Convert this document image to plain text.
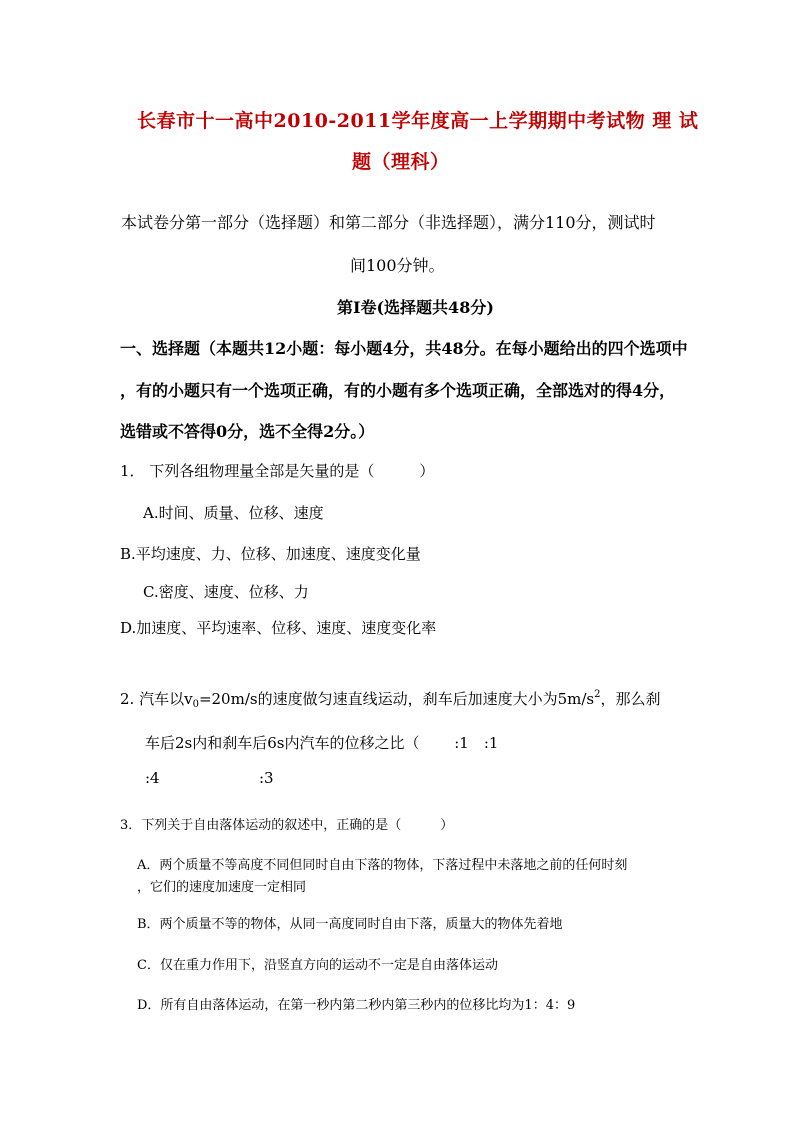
长春市十一高中2010-2011学年度高一上学期期中考试物 理 试
题（理科）
本试卷分第一部分（选择题）和第二部分（非选择题），满分110分，测试时
间100分钟。
第Ⅰ卷(选择题共48分)
一、选择题（本题共12小题：每小题4分，共48分。在每小题给出的四个选项中
，有的小题只有一个选项正确，有的小题有多个选项正确，全部选对的得4分，
选错或不答得0分，选不全得2分。）
1． 下列各组物理量全部是矢量的是（　　　）
A.时间、质量、位移、速度
B.平均速度、力、位移、加速度、速度变化量
C.密度、速度、位移、力
D.加速度、平均速率、位移、速度、速度变化率
2. 汽车以$v_0=20m/s$的速度做匀速直线运动，刹车后加速度大小为$5m/s^2$，那么刹
车后2s内和刹车后6s内汽车的位移之比（　　 :1　:1
:4	:3
3．下列关于自由落体运动的叙述中，正确的是（　　　）
A．两个质量不等高度不同但同时自由下落的物体，下落过程中未落地之前的任何时刻
，它们的速度加速度一定相同
B．两个质量不等的物体，从同一高度同时自由下落，质量大的物体先着地
C．仅在重力作用下，沿竖直方向的运动不一定是自由落体运动
D．所有自由落体运动，在第一秒内第二秒内第三秒内的位移比均为1：4：9
